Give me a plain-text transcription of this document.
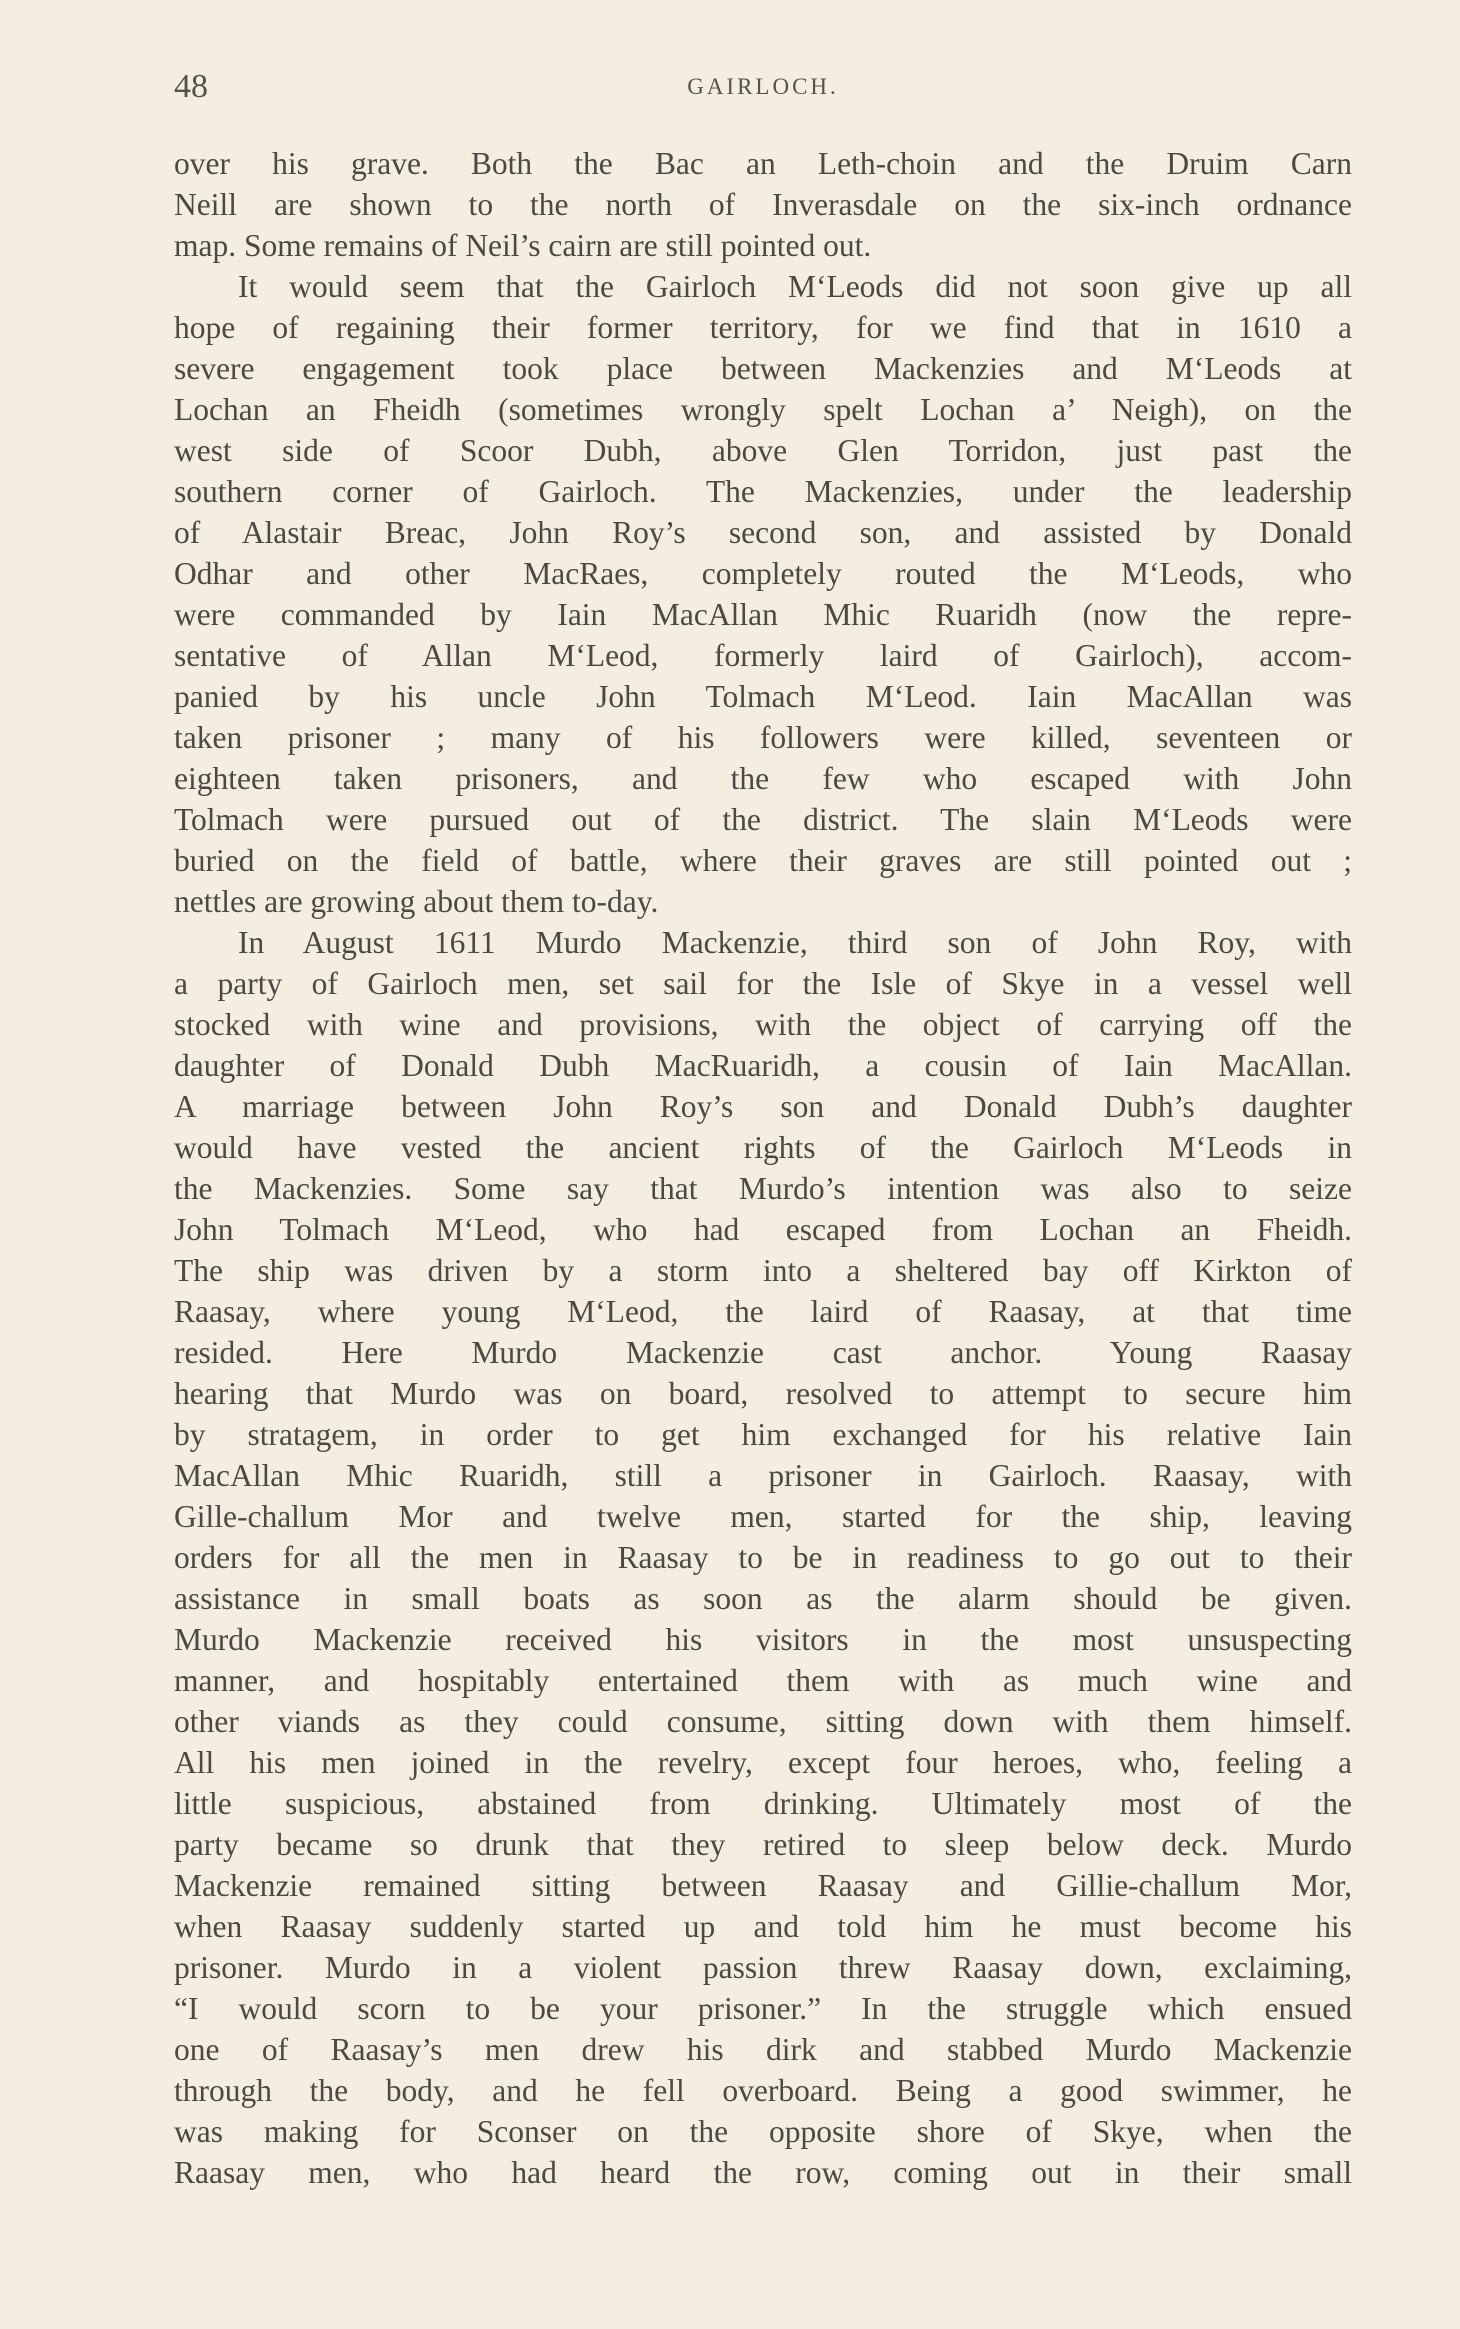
48	GAIRLOCH.
over his grave. Both the Bac an Leth-choin and the Druim Carn
Neill are shown to the north of Inverasdale on the six-inch ordnance
map. Some remains of Neil’s cairn are still pointed out.
It would seem that the Gairloch M‘Leods did not soon give up all
hope of regaining their former territory, for we find that in 1610 a
severe engagement took place between Mackenzies and M‘Leods at
Lochan an Fheidh (sometimes wrongly spelt Lochan a’ Neigh), on the
west side of Scoor Dubh, above Glen Torridon, just past the
southern corner of Gairloch. The Mackenzies, under the leadership
of Alastair Breac, John Roy’s second son, and assisted by Donald
Odhar and other MacRaes, completely routed the M‘Leods, who
were commanded by Iain MacAllan Mhic Ruaridh (now the repre-
sentative of Allan M‘Leod, formerly laird of Gairloch), accom-
panied by his uncle John Tolmach M‘Leod. Iain MacAllan was
taken prisoner ; many of his followers were killed, seventeen or
eighteen taken prisoners, and the few who escaped with John
Tolmach were pursued out of the district. The slain M‘Leods were
buried on the field of battle, where their graves are still pointed out ;
nettles are growing about them to-day.
In August 1611 Murdo Mackenzie, third son of John Roy, with
a party of Gairloch men, set sail for the Isle of Skye in a vessel well
stocked with wine and provisions, with the object of carrying off the
daughter of Donald Dubh MacRuaridh, a cousin of Iain MacAllan.
A marriage between John Roy’s son and Donald Dubh’s daughter
would have vested the ancient rights of the Gairloch M‘Leods in
the Mackenzies. Some say that Murdo’s intention was also to seize
John Tolmach M‘Leod, who had escaped from Lochan an Fheidh.
The ship was driven by a storm into a sheltered bay off Kirkton of
Raasay, where young M‘Leod, the laird of Raasay, at that time
resided. Here Murdo Mackenzie cast anchor. Young Raasay
hearing that Murdo was on board, resolved to attempt to secure him
by stratagem, in order to get him exchanged for his relative Iain
MacAllan Mhic Ruaridh, still a prisoner in Gairloch. Raasay, with
Gille-challum Mor and twelve men, started for the ship, leaving
orders for all the men in Raasay to be in readiness to go out to their
assistance in small boats as soon as the alarm should be given.
Murdo Mackenzie received his visitors in the most unsuspecting
manner, and hospitably entertained them with as much wine and
other viands as they could consume, sitting down with them himself.
All his men joined in the revelry, except four heroes, who, feeling a
little suspicious, abstained from drinking. Ultimately most of the
party became so drunk that they retired to sleep below deck. Murdo
Mackenzie remained sitting between Raasay and Gillie-challum Mor,
when Raasay suddenly started up and told him he must become his
prisoner. Murdo in a violent passion threw Raasay down, exclaiming,
“I would scorn to be your prisoner.” In the struggle which ensued
one of Raasay’s men drew his dirk and stabbed Murdo Mackenzie
through the body, and he fell overboard. Being a good swimmer, he
was making for Sconser on the opposite shore of Skye, when the
Raasay men, who had heard the row, coming out in their small
